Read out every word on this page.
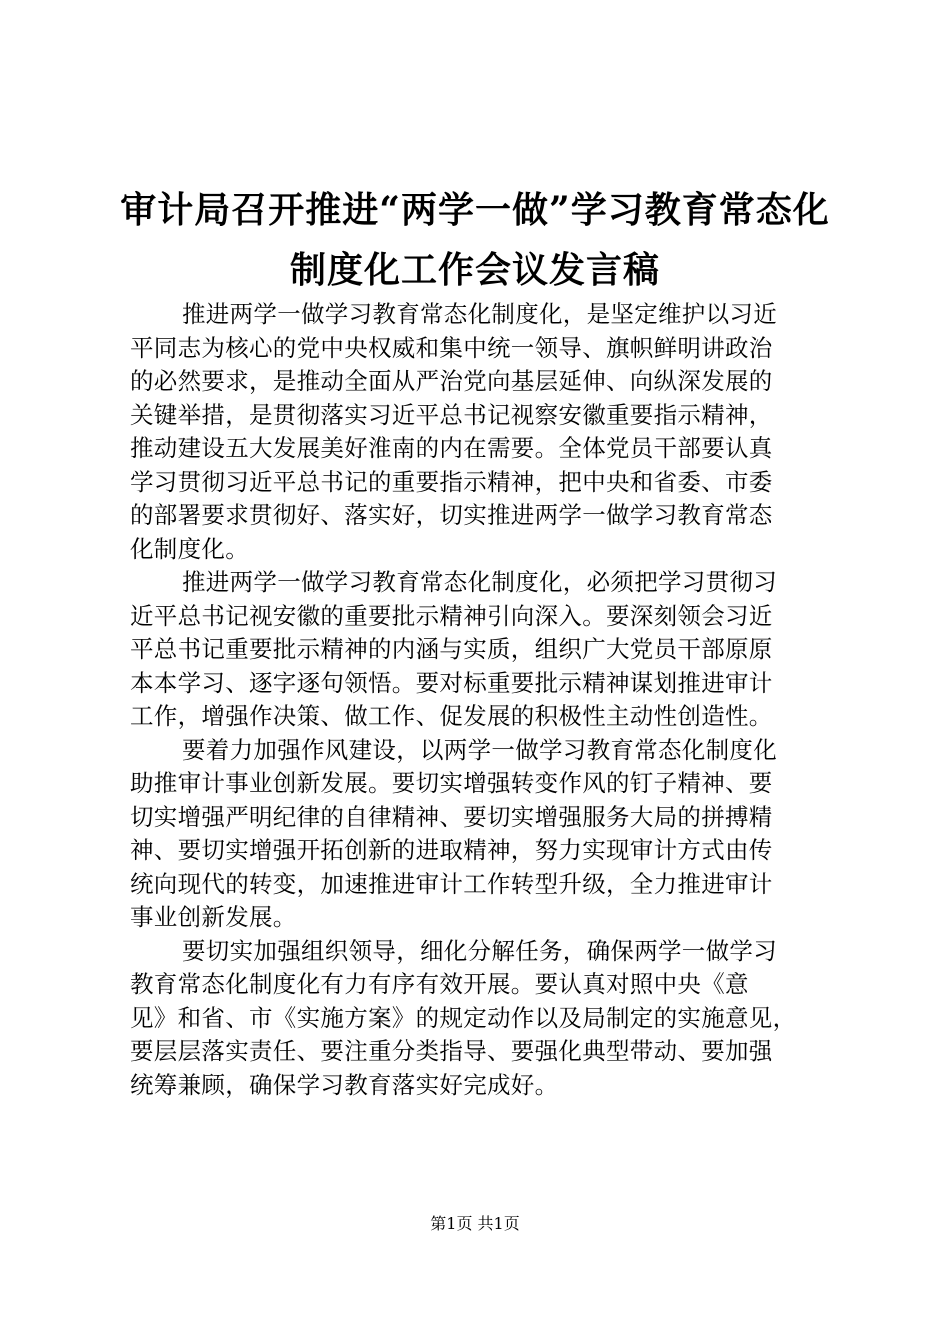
审计局召开推进“两学一做”学习教育常态化
制度化工作会议发言稿

推进两学一做学习教育常态化制度化，是坚定维护以习近
平同志为核心的党中央权威和集中统一领导、旗帜鲜明讲政治
的必然要求，是推动全面从严治党向基层延伸、向纵深发展的
关键举措，是贯彻落实习近平总书记视察安徽重要指示精神，
推动建设五大发展美好淮南的内在需要。全体党员干部要认真
学习贯彻习近平总书记的重要指示精神，把中央和省委、市委
的部署要求贯彻好、落实好，切实推进两学一做学习教育常态
化制度化。

推进两学一做学习教育常态化制度化，必须把学习贯彻习
近平总书记视安徽的重要批示精神引向深入。要深刻领会习近
平总书记重要批示精神的内涵与实质，组织广大党员干部原原
本本学习、逐字逐句领悟。要对标重要批示精神谋划推进审计
工作，增强作决策、做工作、促发展的积极性主动性创造性。

要着力加强作风建设，以两学一做学习教育常态化制度化
助推审计事业创新发展。要切实增强转变作风的钉子精神、要
切实增强严明纪律的自律精神、要切实增强服务大局的拼搏精
神、要切实增强开拓创新的进取精神，努力实现审计方式由传
统向现代的转变，加速推进审计工作转型升级，全力推进审计
事业创新发展。

要切实加强组织领导，细化分解任务，确保两学一做学习
教育常态化制度化有力有序有效开展。要认真对照中央《意
见》和省、市《实施方案》的规定动作以及局制定的实施意见，
要层层落实责任、要注重分类指导、要强化典型带动、要加强
统筹兼顾，确保学习教育落实好完成好。

第1页 共1页
